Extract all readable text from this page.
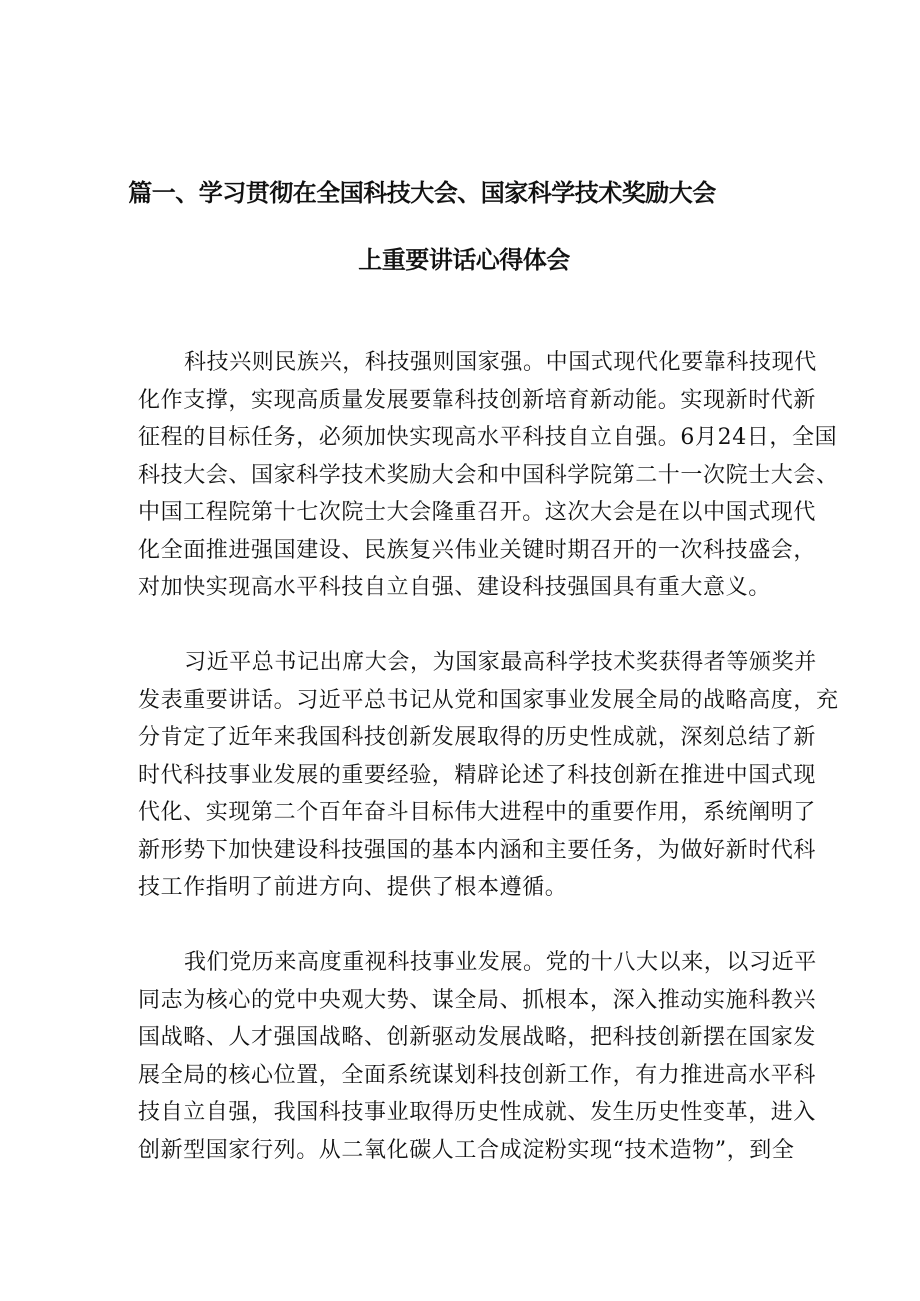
篇一、学习贯彻在全国科技大会、国家科学技术奖励大会
上重要讲话心得体会
科技兴则民族兴，科技强则国家强。中国式现代化要靠科技现代
化作支撑，实现高质量发展要靠科技创新培育新动能。实现新时代新
征程的目标任务，必须加快实现高水平科技自立自强。6月24日，全国
科技大会、国家科学技术奖励大会和中国科学院第二十一次院士大会、
中国工程院第十七次院士大会隆重召开。这次大会是在以中国式现代
化全面推进强国建设、民族复兴伟业关键时期召开的一次科技盛会，
对加快实现高水平科技自立自强、建设科技强国具有重大意义。
习近平总书记出席大会，为国家最高科学技术奖获得者等颁奖并
发表重要讲话。习近平总书记从党和国家事业发展全局的战略高度，充
分肯定了近年来我国科技创新发展取得的历史性成就，深刻总结了新
时代科技事业发展的重要经验，精辟论述了科技创新在推进中国式现
代化、实现第二个百年奋斗目标伟大进程中的重要作用，系统阐明了
新形势下加快建设科技强国的基本内涵和主要任务，为做好新时代科
技工作指明了前进方向、提供了根本遵循。
我们党历来高度重视科技事业发展。党的十八大以来，以习近平
同志为核心的党中央观大势、谋全局、抓根本，深入推动实施科教兴
国战略、人才强国战略、创新驱动发展战略，把科技创新摆在国家发
展全局的核心位置，全面系统谋划科技创新工作，有力推进高水平科
技自立自强，我国科技事业取得历史性成就、发生历史性变革，进入
创新型国家行列。从二氧化碳人工合成淀粉实现“技术造物”，到全
